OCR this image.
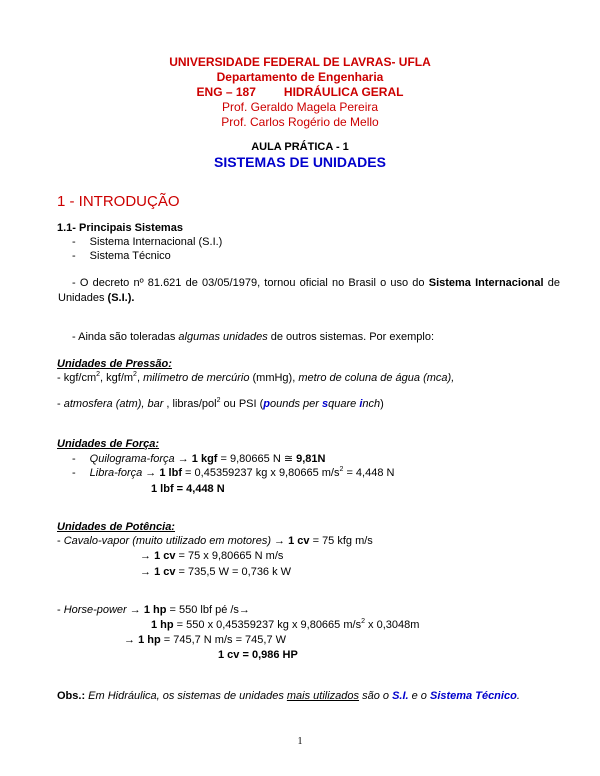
UNIVERSIDADE FEDERAL DE LAVRAS- UFLA
Departamento de Engenharia
ENG – 187 HIDRÁULICA GERAL
Prof. Geraldo Magela Pereira
Prof. Carlos Rogério de Mello
AULA PRÁTICA - 1
SISTEMAS DE UNIDADES
1 - INTRODUÇÃO
1.1- Principais Sistemas
- Sistema Internacional (S.I.)
- Sistema Técnico
- O decreto nº 81.621 de 03/05/1979, tornou oficial no Brasil o uso do Sistema Internacional de Unidades (S.I.).
- Ainda são toleradas algumas unidades de outros sistemas. Por exemplo:
Unidades de Pressão:
- kgf/$cm^2$, kgf/$m^2$, milímetro de mercúrio (mmHg), metro de coluna de água (mca),
- atmosfera (atm), bar , libras/pol$^2$ ou PSI (pounds per square inch)
Unidades de Força:
- Quilograma-força → 1 kgf = 9,80665 N ≅ 9,81N
- Libra-força → 1 lbf = 0,45359237 kg x 9,80665 $m/s^2 = 4,448$ N
1 lbf = 4,448 N
Unidades de Potência:
- Cavalo-vapor (muito utilizado em motores) → 1 cv = 75 kfg m/s
→ 1 cv = 75 x 9,80665 N m/s
→ 1 cv = 735,5 W = 0,736 k W
- Horse-power → 1 hp = 550 lbf pé /s→
1 hp = 550 x 0,45359237 kg x 9,80665 $m/s^2$ x 0,3048m
→ 1 hp = 745,7 N m/s = 745,7 W
1 cv = 0,986 HP
Obs.: Em Hidráulica, os sistemas de unidades mais utilizados são o S.I. e o Sistema Técnico.
1
